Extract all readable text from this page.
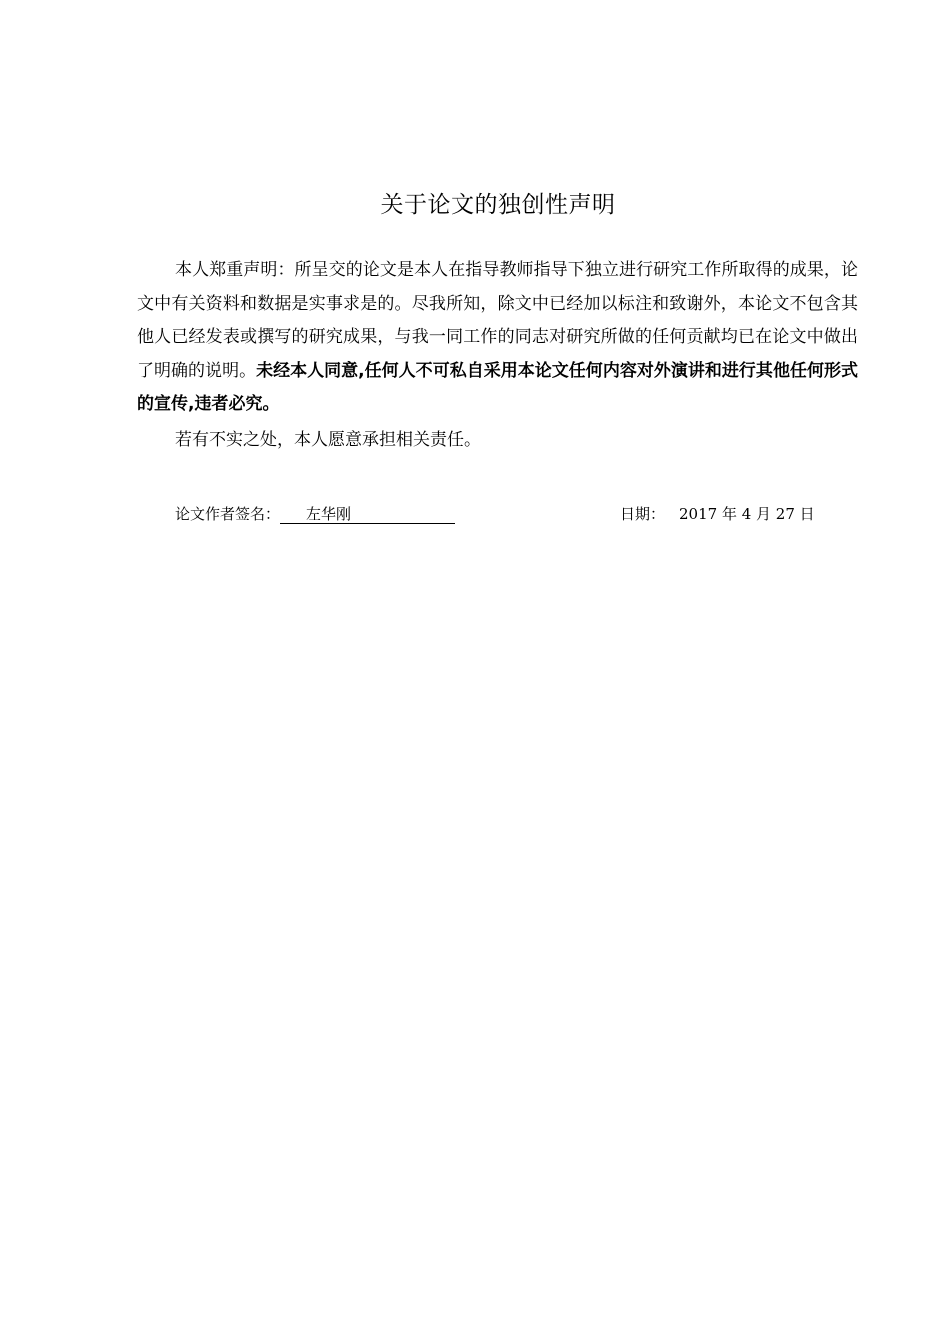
关于论文的独创性声明
本人郑重声明：所呈交的论文是本人在指导教师指导下独立进行研究工作所取得的成果，论文中有关资料和数据是实事求是的。尽我所知，除文中已经加以标注和致谢外，本论文不包含其他人已经发表或撰写的研究成果，与我一同工作的同志对研究所做的任何贡献均已在论文中做出了明确的说明。未经本人同意,任何人不可私自采用本论文任何内容对外演讲和进行其他任何形式的宣传,违者必究。
若有不实之处，本人愿意承担相关责任。
论文作者签名： 左华刚	日期： 2017 年 4 月 27 日
